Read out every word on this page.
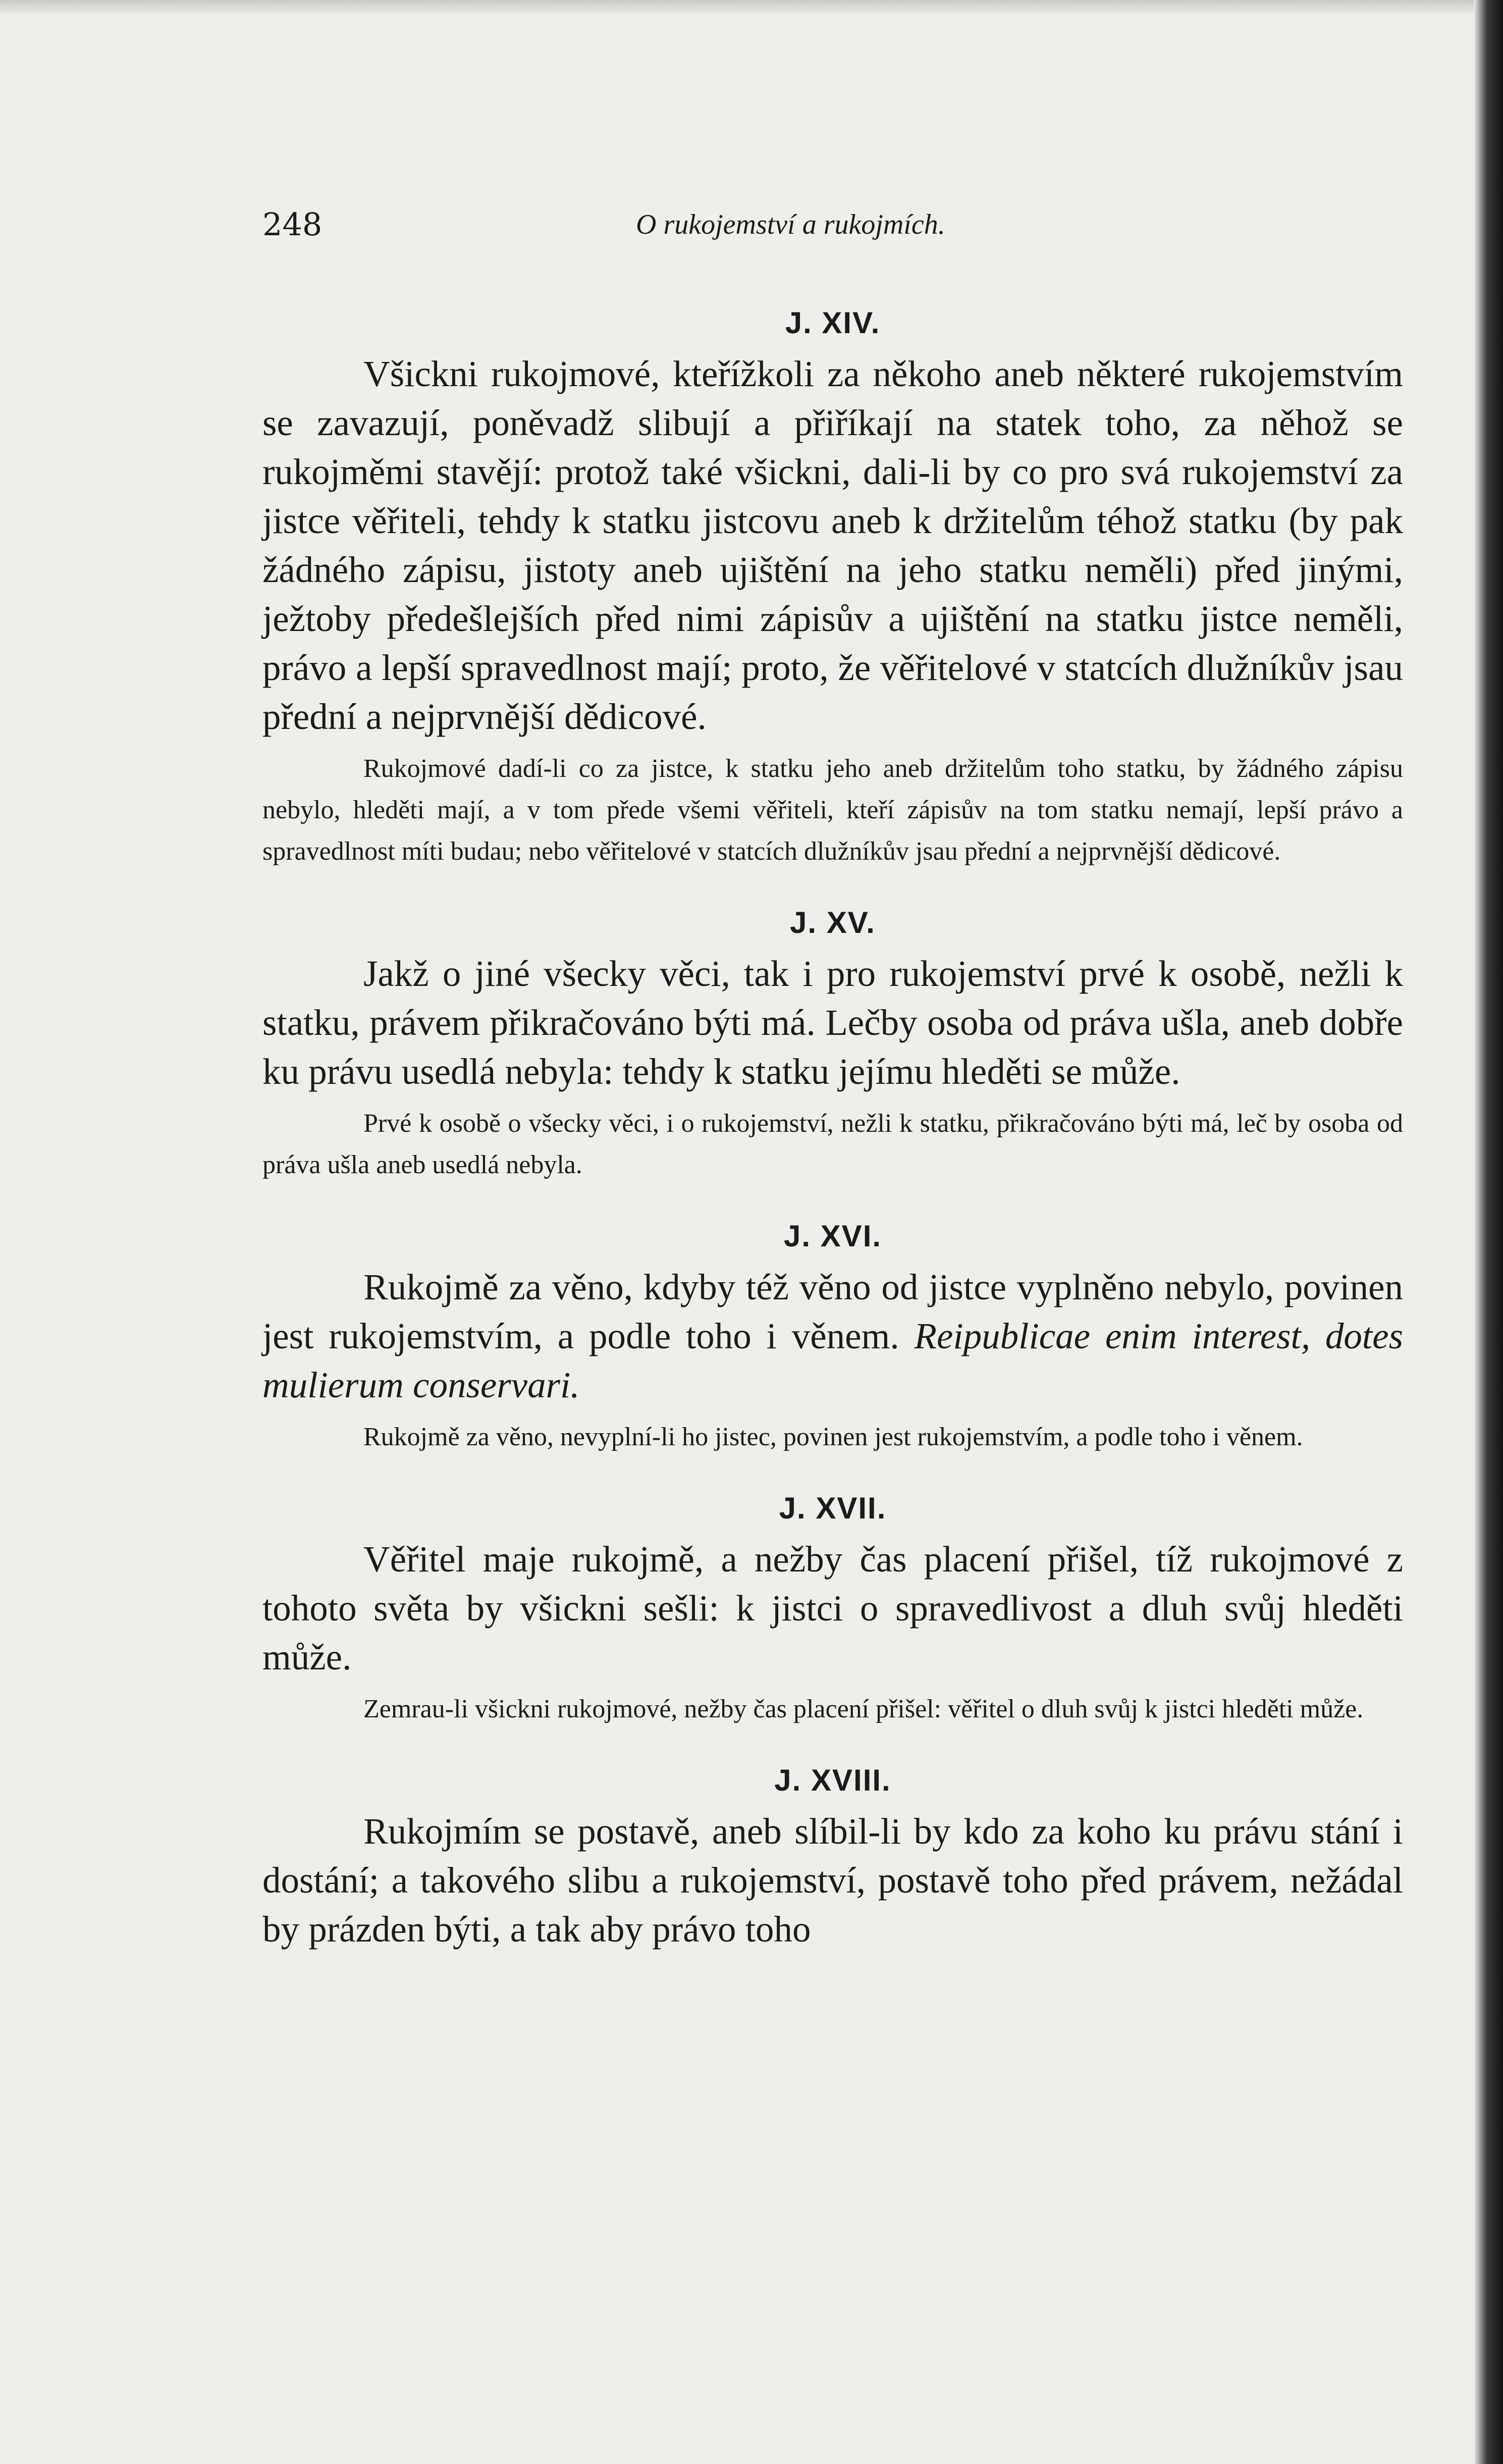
248	O rukojemství a rukojmích.
J. XIV.

Všickni rukojmové, kteřížkoli za někoho aneb některé rukojemstvím se zavazují, poněvadž slibují a přiříkají na statek toho, za něhož se rukojměmi stavějí: protož také všickni, dali-li by co pro svá rukojemství za jistce věřiteli, tehdy k statku jistcovu aneb k držitelům téhož statku (by pak žádného zápisu, jistoty aneb ujištění na jeho statku neměli) před jinými, ježtoby předešlejších před nimi zápisův a ujištění na statku jistce neměli, právo a lepší spravedlnost mají; proto, že věřitelové v statcích dlužníkův jsau přední a nejprvnější dědicové.

Rukojmové dadí-li co za jistce, k statku jeho aneb držitelům toho statku, by žádného zápisu nebylo, hleděti mají, a v tom přede všemi věřiteli, kteří zápisův na tom statku nemají, lepší právo a spravedlnost míti budau; nebo věřitelové v statcích dlužníkův jsau přední a nejprvnější dědicové.

J. XV.

Jakž o jiné všecky věci, tak i pro rukojemství prvé k osobě, nežli k statku, právem přikračováno býti má. Lečby osoba od práva ušla, aneb dobře ku právu usedlá nebyla: tehdy k statku jejímu hleděti se může.

Prvé k osobě o všecky věci, i o rukojemství, nežli k statku, přikračováno býti má, leč by osoba od práva ušla aneb usedlá nebyla.

J. XVI.

Rukojmě za věno, kdyby též věno od jistce vyplněno nebylo, povinen jest rukojemstvím, a podle toho i věnem. Reipublicae enim interest, dotes mulierum conservari.

Rukojmě za věno, nevyplní-li ho jistec, povinen jest rukojemstvím, a podle toho i věnem.

J. XVII.

Věřitel maje rukojmě, a nežby čas placení přišel, tíž rukojmové z tohoto světa by všickni sešli: k jistci o spravedlivost a dluh svůj hleděti může.

Zemrau-li všickni rukojmové, nežby čas placení přišel: věřitel o dluh svůj k jistci hleděti může.

J. XVIII.

Rukojmím se postavě, aneb slíbil-li by kdo za koho ku právu stání i dostání; a takového slibu a rukojemství, postavě toho před právem, nežádal by prázden býti, a tak aby právo toho
